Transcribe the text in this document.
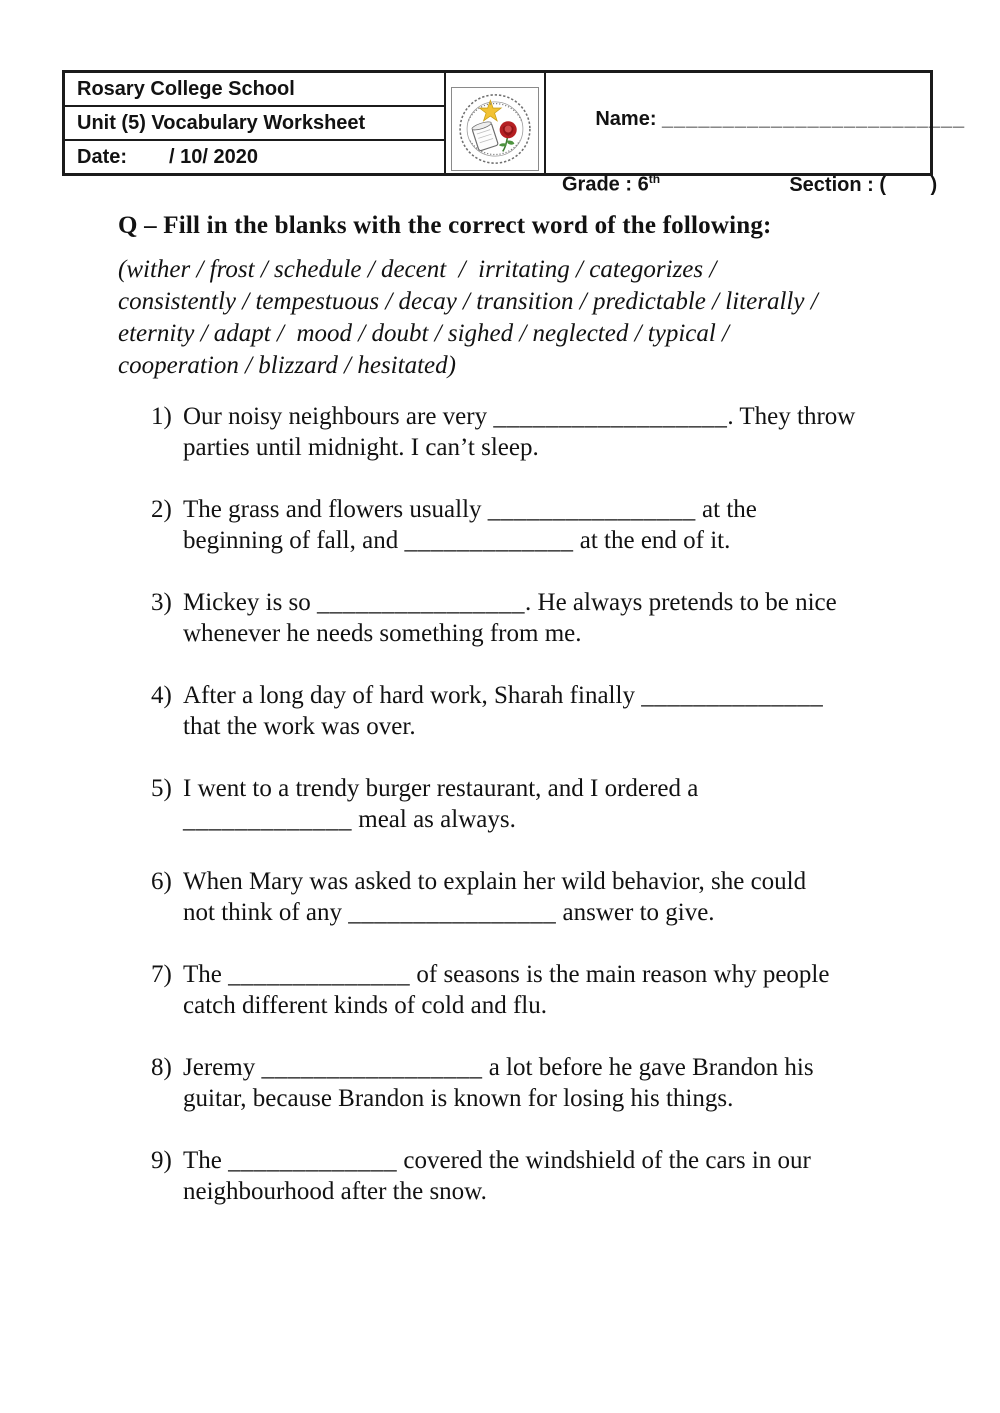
Rosary College School
Unit (5) Vocabulary Worksheet
Date: / 10/ 2020

Name: _________________________

Grade : 6th	Section : (        )
Q – Fill in the blanks with the correct word of the following:
(wither / frost / schedule / decent  /  irritating / categorizes /
consistently / tempestuous / decay / transition / predictable / literally /
eternity / adapt /  mood / doubt / sighed / neglected / typical /
cooperation / blizzard / hesitated)
1) Our noisy neighbours are very __________________. They throw
parties until midnight. I can’t sleep.
2) The grass and flowers usually ________________ at the
beginning of fall, and _____________ at the end of it.
3) Mickey is so ________________. He always pretends to be nice
whenever he needs something from me.
4) After a long day of hard work, Sharah finally ______________
that the work was over.
5) I went to a trendy burger restaurant, and I ordered a
_____________ meal as always.
6) When Mary was asked to explain her wild behavior, she could
not think of any ________________ answer to give.
7) The ______________ of seasons is the main reason why people
catch different kinds of cold and flu.
8) Jeremy _________________ a lot before he gave Brandon his
guitar, because Brandon is known for losing his things.
9) The _____________ covered the windshield of the cars in our
neighbourhood after the snow.
